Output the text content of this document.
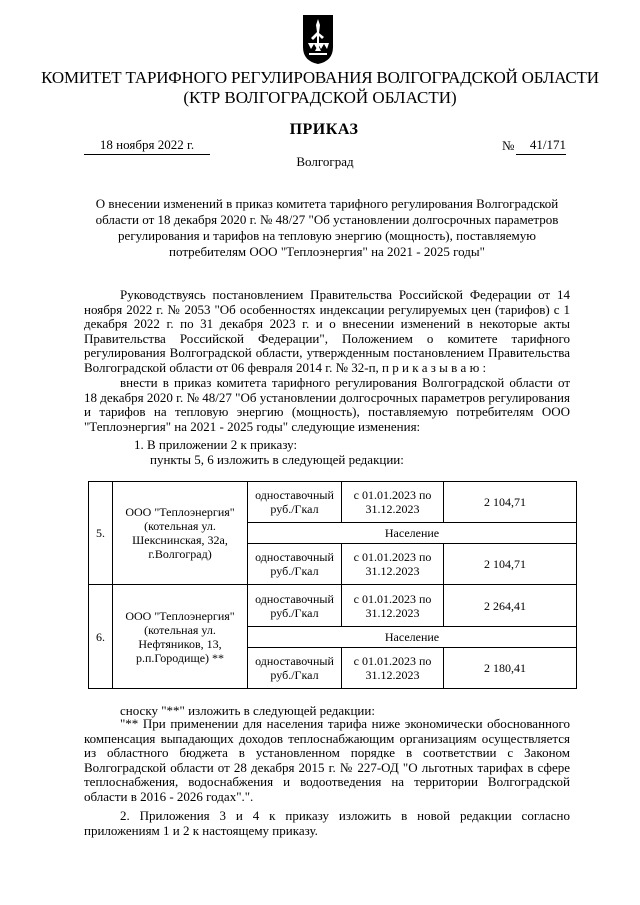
КОМИТЕТ ТАРИФНОГО РЕГУЛИРОВАНИЯ ВОЛГОГРАДСКОЙ ОБЛАСТИ
(КТР ВОЛГОГРАДСКОЙ ОБЛАСТИ)
ПРИКАЗ
18 ноября 2022 г.	№	41/171
Волгоград
О внесении изменений в приказ комитета тарифного регулирования Волгоградской области от 18 декабря 2020 г. № 48/27 "Об установлении долгосрочных параметров регулирования и тарифов на тепловую энергию (мощность), поставляемую потребителям ООО "Теплоэнергия" на 2021 - 2025 годы"
Руководствуясь постановлением Правительства Российской Федерации от 14 ноября 2022 г. № 2053 "Об особенностях индексации регулируемых цен (тарифов) с 1 декабря 2022 г. по 31 декабря 2023 г. и о внесении изменений в некоторые акты Правительства Российской Федерации", Положением о комитете тарифного регулирования Волгоградской области, утвержденным постановлением Правительства Волгоградской области от 06 февраля 2014 г. № 32-п, п р и к а з ы в а ю :
внести в приказ комитета тарифного регулирования Волгоградской области от 18 декабря 2020 г. № 48/27 "Об установлении долгосрочных параметров регулирования и тарифов на тепловую энергию (мощность), поставляемую потребителям ООО "Теплоэнергия" на 2021 - 2025 годы" следующие изменения:
1. В приложении 2 к приказу:
пункты 5, 6 изложить в следующей редакции:
5.	ООО "Теплоэнергия" (котельная ул. Шекснинская, 32а, г.Волгоград)	одноставочный руб./Гкал	с 01.01.2023 по 31.12.2023	2 104,71
		Население		
		одноставочный руб./Гкал	с 01.01.2023 по 31.12.2023	2 104,71
6.	ООО "Теплоэнергия" (котельная ул. Нефтяников, 13, р.п.Городище) **	одноставочный руб./Гкал	с 01.01.2023 по 31.12.2023	2 264,41
		Население		
		одноставочный руб./Гкал	с 01.01.2023 по 31.12.2023	2 180,41
сноску "**" изложить в следующей редакции:
"** При применении для населения тарифа ниже экономически обоснованного компенсация выпадающих доходов теплоснабжающим организациям осуществляется из областного бюджета в установленном порядке в соответствии с Законом Волгоградской области от 28 декабря 2015 г. № 227-ОД "О льготных тарифах в сфере теплоснабжения, водоснабжения и водоотведения на территории Волгоградской области в 2016 - 2026 годах".".
2. Приложения 3 и 4 к приказу изложить в новой редакции согласно приложениям 1 и 2 к настоящему приказу.
